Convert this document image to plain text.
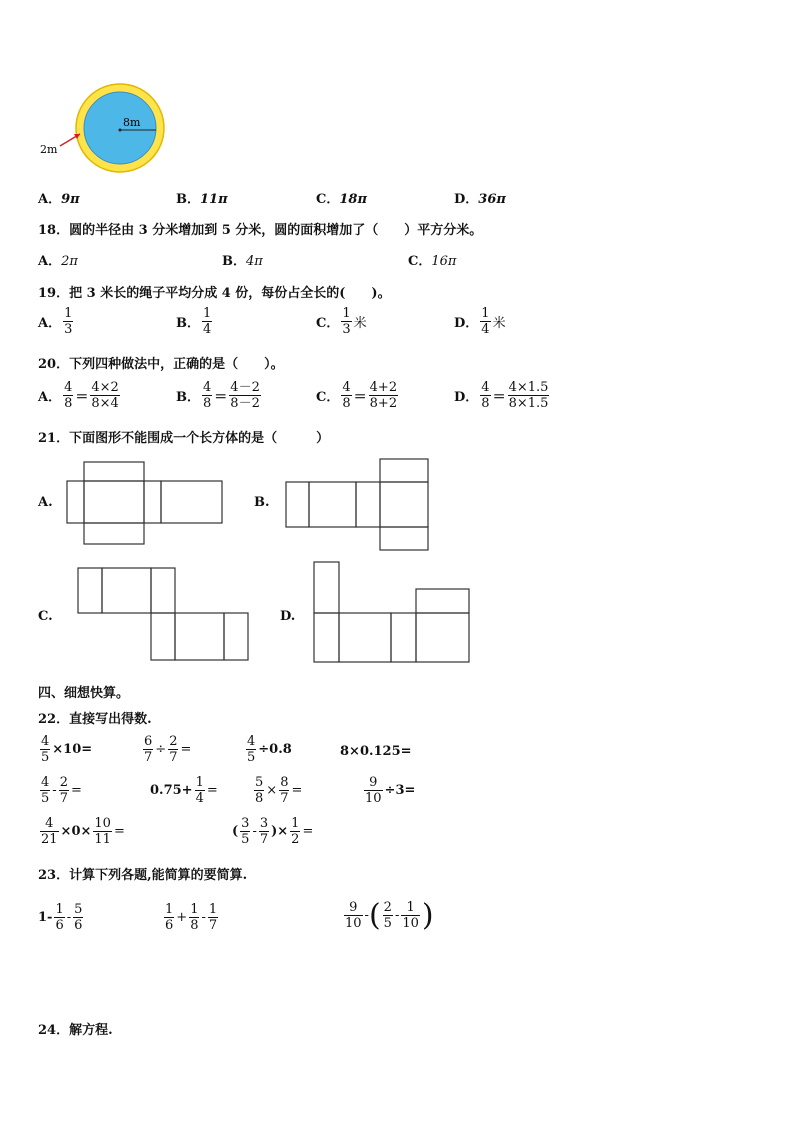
8m
2m
A．9π	B．11π	C．18π	D．36π
18．圆的半径由 3 分米增加到 5 分米，圆的面积增加了（　　）平方分米。
A．2π	B．4π	C．16π
19．把 3 米长的绳子平均分成 4 份，每份占全长的(　　)。
A． $\frac{1}{3}$	B． $\frac{1}{4}$	C． $\frac{1}{3}$ 米	D． $\frac{1}{4}$ 米
20．下列四种做法中，正确的是（　　）。
A． $\frac{4}{8} = \frac{4\times 2}{8\times 4}$	B． $\frac{4}{8} = \frac{4-2}{8-2}$	C． $\frac{4}{8} = \frac{4+2}{8+2}$	D． $\frac{4}{8} = \frac{4\times 1.5}{8\times 1.5}$
21．下面图形不能围成一个长方体的是（　　　）
A.	B.
C.	D.
四、细想快算。
22．直接写出得数.
$\frac{4}{5} \times 10=$	$\frac{6}{7} \div \frac{2}{7}$ =	$\frac{4}{5} \div 0.8$	8×0.125=
$\frac{4}{5} - \frac{2}{7}$ =	$0.75+ \frac{1}{4}$ =	$\frac{5}{8} \times \frac{8}{7}$ =	$\frac{9}{10} \div 3=$
$\frac{4}{21} \times 0\times \frac{10}{11}$ =	( $\frac{3}{5} - \frac{3}{7}$ )× $\frac{1}{2}$ =
23．计算下列各题,能简算的要简算.
$1- \frac{1}{6} - \frac{5}{6}$	$\frac{1}{6} + \frac{1}{8} - \frac{1}{7}$	$\frac{9}{10}$ - ( $\frac{2}{5} - \frac{1}{10}$ )
24．解方程.
